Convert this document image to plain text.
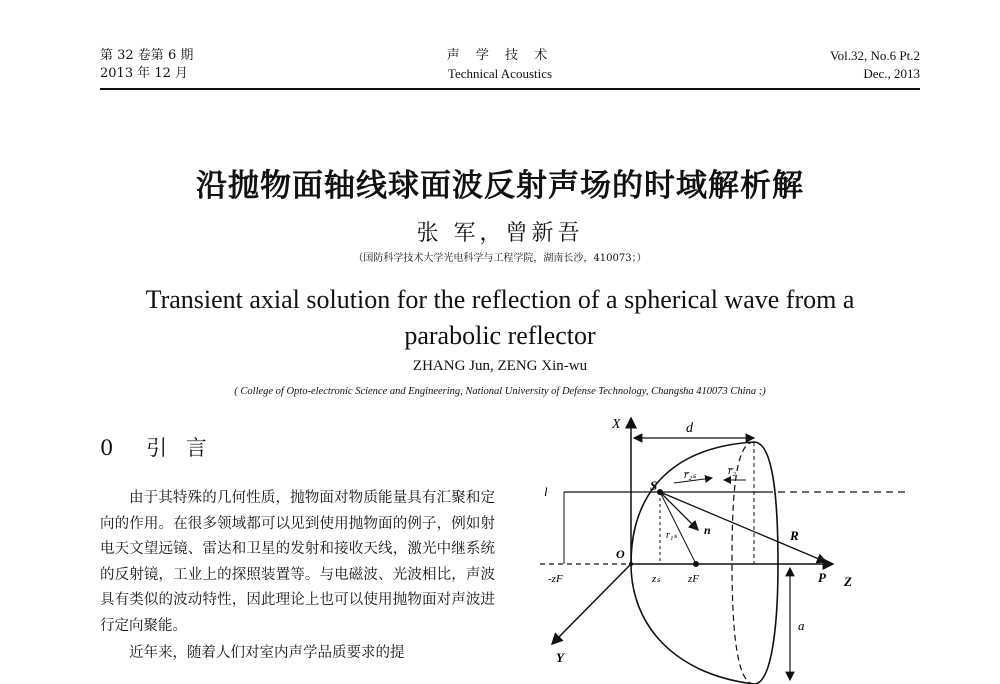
第 32 卷第 6 期
2013 年 12 月
声 学 技 术
Technical Acoustics
Vol.32, No.6 Pt.2
Dec., 2013
沿抛物面轴线球面波反射声场的时域解析解
张 军，曾新吾
（国防科学技术大学光电科学与工程学院，湖南长沙，410073；）
Transient axial solution for the reflection of a spherical wave from a
parabolic reflector
ZHANG Jun, ZENG Xin-wu
( College of Opto-electronic Science and Engineering, National University of Defense Technology, Changsha 410073 China ;)
0 引 言

由于其特殊的几何性质，抛物面对物质能量具有汇聚和定向的作用。在很多领域都可以见到使用抛物面的例子，例如射电天文望远镜、雷达和卫星的发射和接收天线，激光中继系统的反射镜，工业上的探照装置等。与电磁波、光波相比，声波具有类似的波动特性，因此理论上也可以使用抛物面对声波进行定向聚能。

近年来，随着人们对室内声学品质要求的提

X	d
l	S
r̅₂ₛ	r̅₂
r₁ₛ n	R
O
-zF	zₛ	zF	P Z
a
Y
